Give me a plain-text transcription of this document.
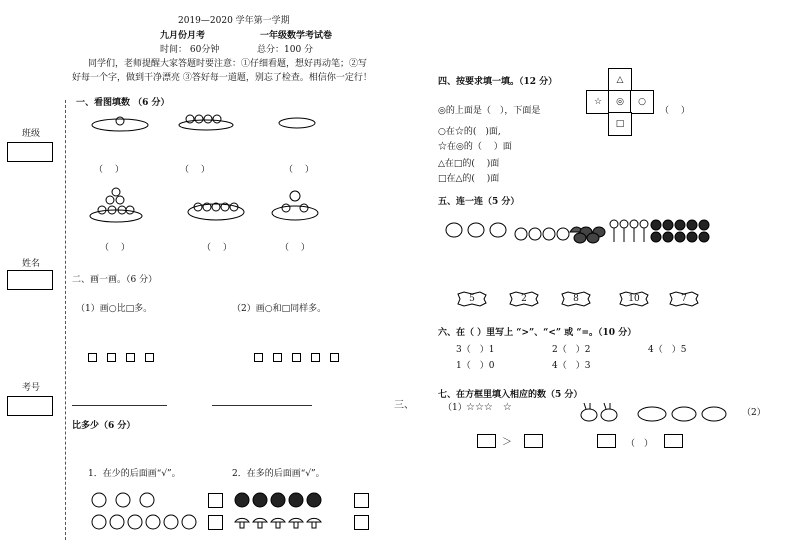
班级
姓名
考号
2019—2020 学年第一学期
九月份月考	一年级数学考试卷
时间： 60分钟	总分：100 分
同学们，老师提醒大家答题时要注意：①仔细看题，想好再动笔；②写
好每一个字，做到干净漂亮 ③答好每一道题，别忘了检查。相信你一定行！
一、看图填数 （6 分）
（　 ）	（　 ）	（　 ）
（　 ）	（　 ）	（　 ）
二、画一画。（6 分）
（1）画○比□多。	（2）画○和□同样多。
三、
比多少（6 分）
1．在少的后面画“√”。	2．在多的后面画“√”。
四、按要求填一填。（12 分）
◎的上面是（　），下面是	（　 ）
○在☆的(　)面,
☆在◎的（　 ）面
△在□的(　 )面
□在△的(　 )面
△
☆	◎	○
□
五、连一连（5 分）
5	2	8	10	7
六、在（ ）里写上 “>”、“<” 或 “=。（10 分）
3（　）1	2（　）2	4（　）5
1（　）0	4（　）3
七、在方框里填入相应的数（5 分）
（1） ☆☆☆　☆	（2）
＞	（　）
